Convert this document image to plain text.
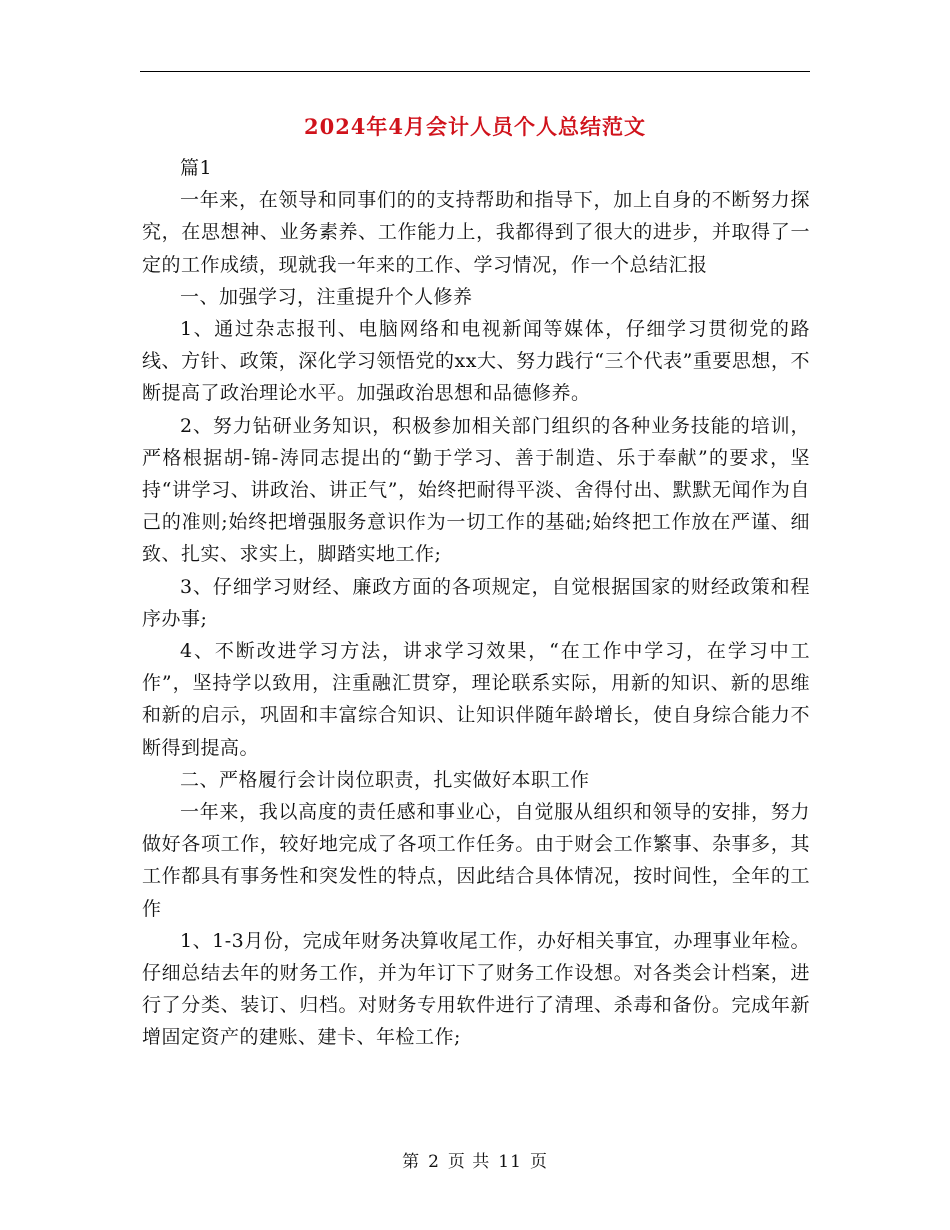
2024年4月会计人员个人总结范文

篇1

一年来，在领导和同事们的的支持帮助和指导下，加上自身的不断努力探究，在思想神、业务素养、工作能力上，我都得到了很大的进步，并取得了一定的工作成绩，现就我一年来的工作、学习情况，作一个总结汇报

一、加强学习，注重提升个人修养

1、通过杂志报刊、电脑网络和电视新闻等媒体，仔细学习贯彻党的路线、方针、政策，深化学习领悟党的xx大、努力践行“三个代表”重要思想，不断提高了政治理论水平。加强政治思想和品德修养。

2、努力钻研业务知识，积极参加相关部门组织的各种业务技能的培训，严格根据胡-锦-涛同志提出的“勤于学习、善于制造、乐于奉献”的要求，坚持“讲学习、讲政治、讲正气”，始终把耐得平淡、舍得付出、默默无闻作为自己的准则;始终把增强服务意识作为一切工作的基础;始终把工作放在严谨、细致、扎实、求实上，脚踏实地工作;

3、仔细学习财经、廉政方面的各项规定，自觉根据国家的财经政策和程序办事;

4、不断改进学习方法，讲求学习效果，“在工作中学习，在学习中工作”，坚持学以致用，注重融汇贯穿，理论联系实际，用新的知识、新的思维和新的启示，巩固和丰富综合知识、让知识伴随年龄增长，使自身综合能力不断得到提高。

二、严格履行会计岗位职责，扎实做好本职工作

一年来，我以高度的责任感和事业心，自觉服从组织和领导的安排，努力做好各项工作，较好地完成了各项工作任务。由于财会工作繁事、杂事多，其工作都具有事务性和突发性的特点，因此结合具体情况，按时间性，全年的工作

1、1-3月份，完成年财务决算收尾工作，办好相关事宜，办理事业年检。仔细总结去年的财务工作，并为年订下了财务工作设想。对各类会计档案，进行了分类、装订、归档。对财务专用软件进行了清理、杀毒和备份。完成年新增固定资产的建账、建卡、年检工作;

第 2 页 共 11 页
